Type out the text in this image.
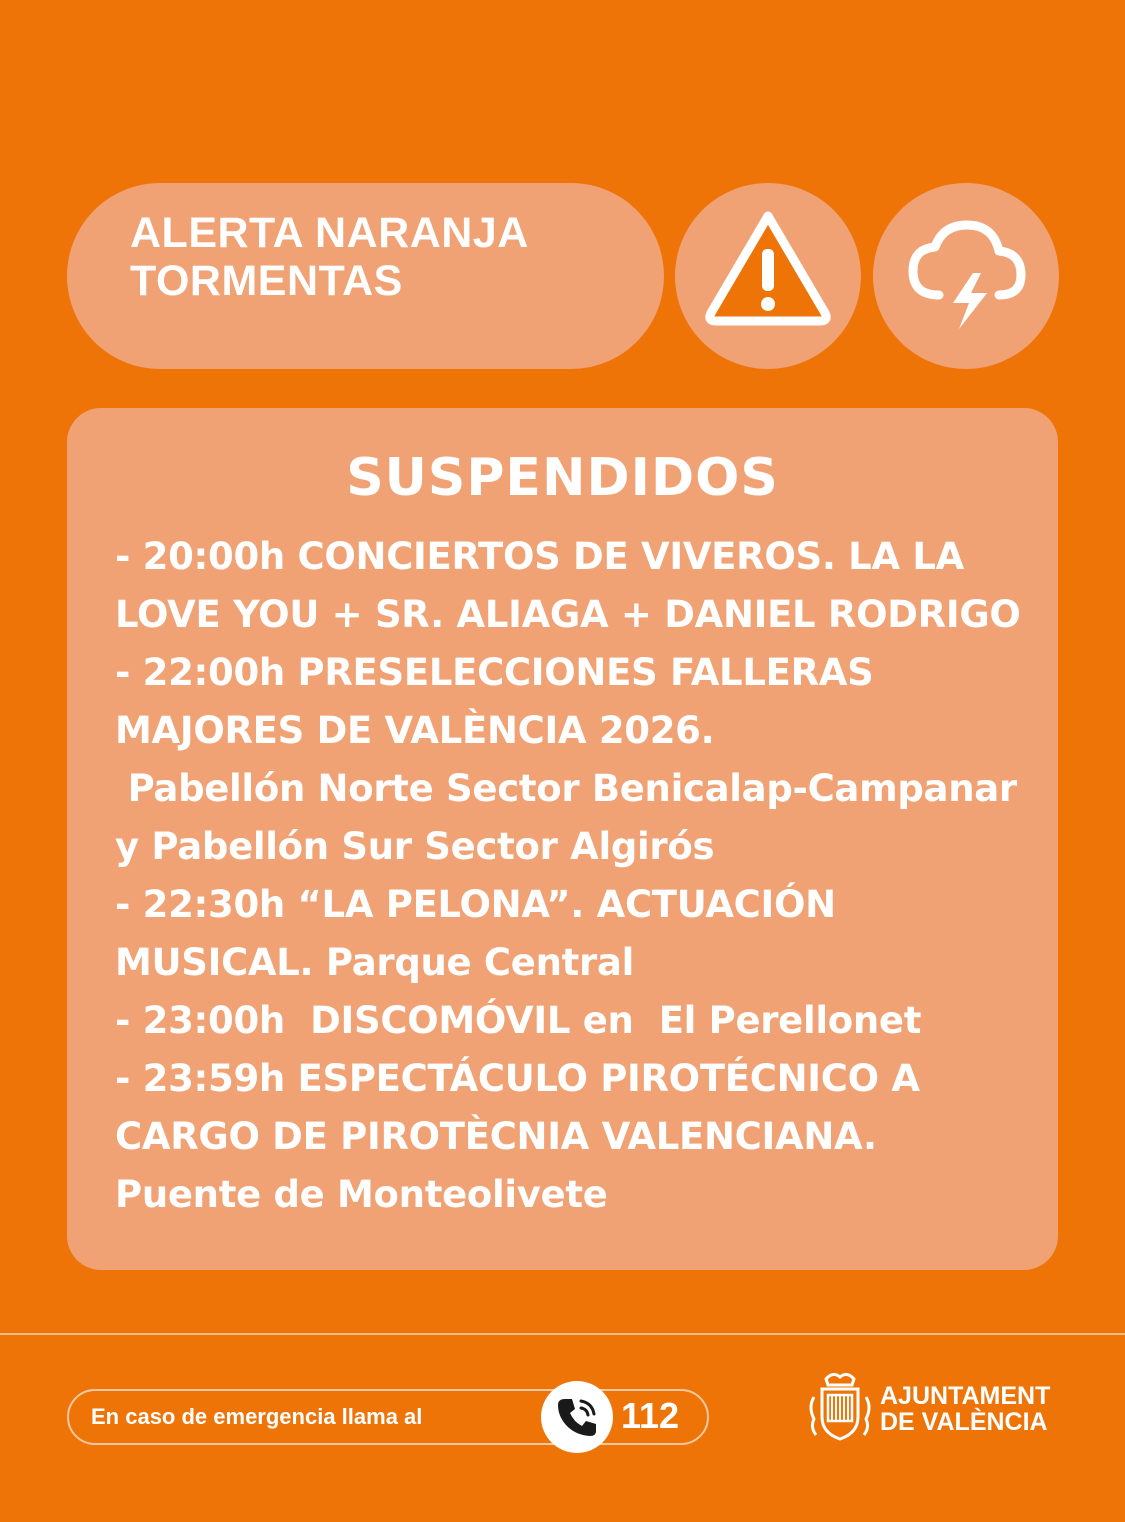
ALERTA NARANJA
TORMENTAS
SUSPENDIDOS
- 20:00h CONCIERTOS DE VIVEROS. LA LA
LOVE YOU + SR. ALIAGA + DANIEL RODRIGO
- 22:00h PRESELECCIONES FALLERAS
MAJORES DE VALÈNCIA 2026.
Pabellón Norte Sector Benicalap-Campanar
y Pabellón Sur Sector Algirós
- 22:30h “LA PELONA”. ACTUACIÓN
MUSICAL. Parque Central
- 23:00h  DISCOMÓVIL en  El Perellonet
- 23:59h ESPECTÁCULO PIROTÉCNICO A
CARGO DE PIROTÈCNIA VALENCIANA.
Puente de Monteolivete
En caso de emergencia llama al	112	AJUNTAMENT
DE VALÈNCIA
